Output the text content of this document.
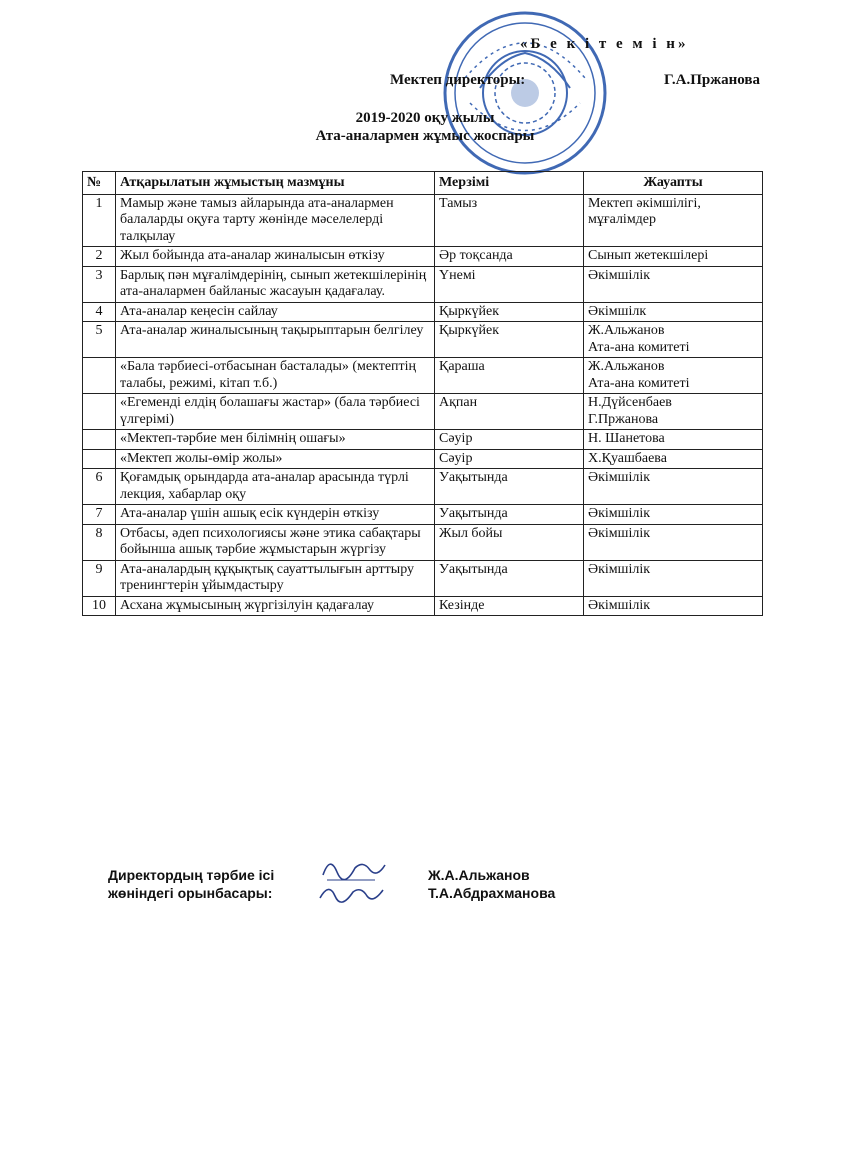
«Б е к і т е м і н»
Мектеп директоры:	Г.А.Пржанова
2019-2020 оқу жылы
Ата-аналармен жұмыс жоспары
№	Атқарылатын жұмыстың мазмұны	Мерзімі	Жауапты
1	Мамыр және тамыз айларында ата-аналармен балаларды оқуға тарту жөнінде мәселелерді талқылау	Тамыз	Мектеп әкімшілігі, мұғалімдер
2	Жыл бойында ата-аналар жиналысын өткізу	Әр тоқсанда	Сынып жетекшілері
3	Барлық пән мұғалімдерінің, сынып жетекшілерінің ата-аналармен байланыс жасауын қадағалау.	Үнемі	Әкімшілік
4	Ата-аналар кеңесін сайлау	Қыркүйек	Әкімшілк
5	Ата-аналар жиналысының тақырыптарын белгілеу	Қыркүйек	Ж.Альжанов
Ата-ана комитеті
	«Бала тәрбиесі-отбасынан басталады» (мектептің талабы, режимі, кітап т.б.)	Қараша	Ж.Альжанов
Ата-ана комитеті
	«Егеменді елдің болашағы жастар» (бала тәрбиесі үлгерімі)	Ақпан	Н.Дүйсенбаев
Г.Пржанова
	«Мектеп-тәрбие мен білімнің ошағы»	Сәуір	Н. Шанетова
	«Мектеп жолы-өмір жолы»	Сәуір	Х.Қуашбаева
6	Қоғамдық орындарда ата-аналар арасында түрлі лекция, хабарлар оқу	Уақытында	Әкімшілік
7	Ата-аналар үшін ашық есік күндерін өткізу	Уақытында	Әкімшілік
8	Отбасы, әдеп психологиясы және этика сабақтары бойынша ашық тәрбие жұмыстарын жүргізу	Жыл бойы	Әкімшілік
9	Ата-аналардың құқықтық сауаттылығын арттыру тренингтерін ұйымдастыру	Уақытында	Әкімшілік
10	Асхана жұмысының жүргізілуін қадағалау	Кезінде	Әкімшілік
Директордың тәрбие ісі
жөніндегі орынбасары:
Ж.А.Альжанов
Т.А.Абдрахманова
